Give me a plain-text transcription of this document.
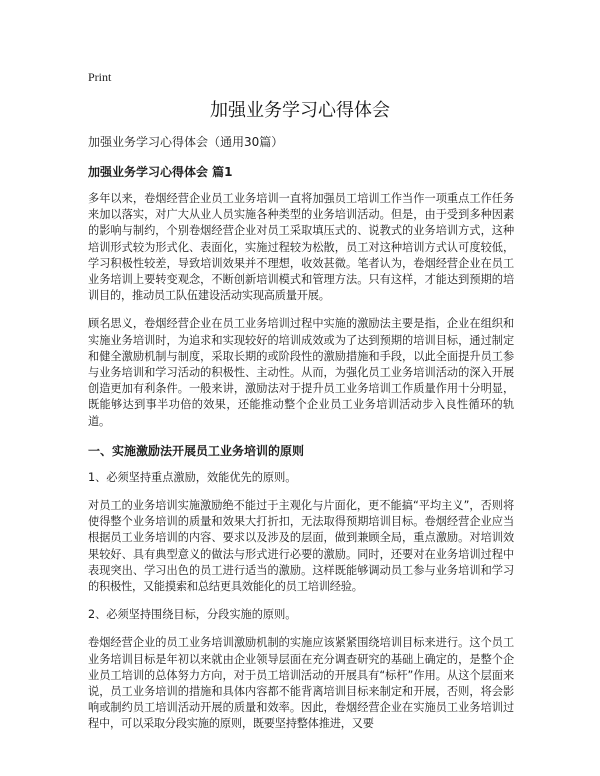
Print
加强业务学习心得体会

加强业务学习心得体会（通用30篇）

加强业务学习心得体会 篇1

多年以来，卷烟经营企业员工业务培训一直将加强员工培训工作当作一项重点工作任务来加以落实，对广大从业人员实施各种类型的业务培训活动。但是，由于受到多种因素的影响与制约，个别卷烟经营企业对员工采取填压式的、说教式的业务培训方式，这种培训形式较为形式化、表面化，实施过程较为松散，员工对这种培训方式认可度较低，学习积极性较差，导致培训效果并不理想，收效甚微。笔者认为，卷烟经营企业在员工业务培训上要转变观念，不断创新培训模式和管理方法。只有这样，才能达到预期的培训目的，推动员工队伍建设活动实现高质量开展。

顾名思义，卷烟经营企业在员工业务培训过程中实施的激励法主要是指，企业在组织和实施业务培训时，为追求和实现较好的培训成效或为了达到预期的培训目标，通过制定和健全激励机制与制度，采取长期的或阶段性的激励措施和手段，以此全面提升员工参与业务培训和学习活动的积极性、主动性。从而，为强化员工业务培训活动的深入开展创造更加有利条件。一般来讲，激励法对于提升员工业务培训工作质量作用十分明显，既能够达到事半功倍的效果，还能推动整个企业员工业务培训活动步入良性循环的轨道。

一、实施激励法开展员工业务培训的原则

1、必须坚持重点激励，效能优先的原则。

对员工的业务培训实施激励绝不能过于主观化与片面化，更不能搞“平均主义”，否则将使得整个业务培训的质量和效果大打折扣，无法取得预期培训目标。卷烟经营企业应当根据员工业务培训的内容、要求以及涉及的层面，做到兼顾全局，重点激励。对培训效果较好、具有典型意义的做法与形式进行必要的激励。同时，还要对在业务培训过程中表现突出、学习出色的员工进行适当的激励。这样既能够调动员工参与业务培训和学习的积极性，又能摸索和总结更具效能化的员工培训经验。

2、必须坚持围绕目标，分段实施的原则。

卷烟经营企业的员工业务培训激励机制的实施应该紧紧围绕培训目标来进行。这个员工业务培训目标是年初以来就由企业领导层面在充分调查研究的基础上确定的，是整个企业员工培训的总体努力方向，对于员工培训活动的开展具有“标杆”作用。从这个层面来说，员工业务培训的措施和具体内容都不能背离培训目标来制定和开展，否则，将会影响或制约员工培训活动开展的质量和效率。因此，卷烟经营企业在实施员工业务培训过程中，可以采取分段实施的原则，既要坚持整体推进，又要
